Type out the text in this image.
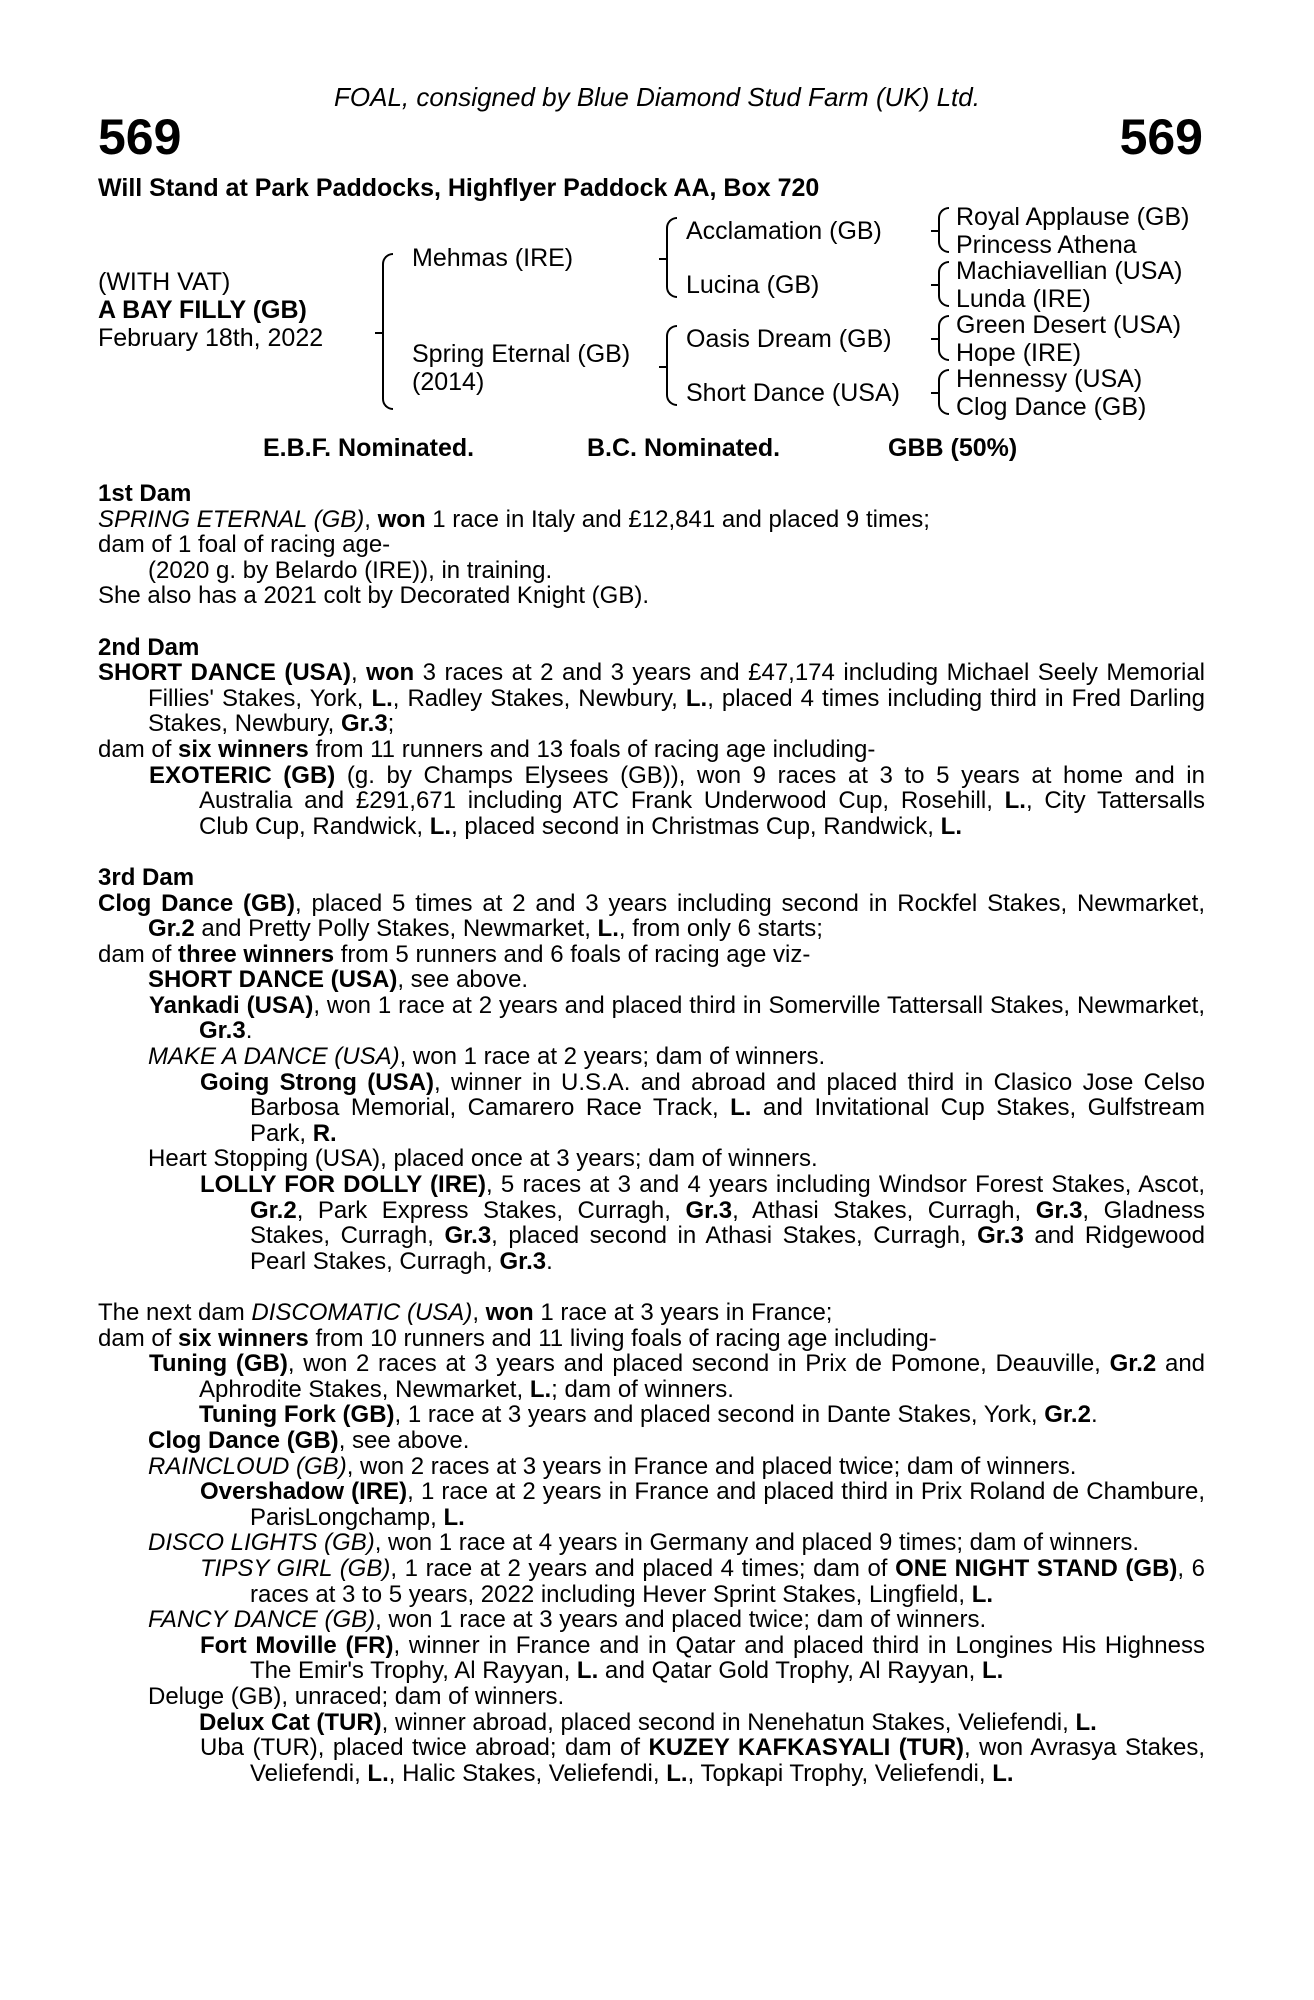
FOAL, consigned by Blue Diamond Stud Farm (UK) Ltd.
569	569
Will Stand at Park Paddocks, Highflyer Paddock AA, Box 720
(WITH VAT)
A BAY FILLY (GB)
February 18th, 2022
Mehmas (IRE)
Spring Eternal (GB)
(2014)
Acclamation (GB)
Lucina (GB)
Oasis Dream (GB)
Short Dance (USA)
Royal Applause (GB)
Princess Athena
Machiavellian (USA)
Lunda (IRE)
Green Desert (USA)
Hope (IRE)
Hennessy (USA)
Clog Dance (GB)
E.B.F. Nominated.	B.C. Nominated.	GBB (50%)
1st Dam
SPRING ETERNAL (GB), won 1 race in Italy and £12,841 and placed 9 times;
dam of 1 foal of racing age-
(2020 g. by Belardo (IRE)), in training.
She also has a 2021 colt by Decorated Knight (GB).
2nd Dam
SHORT DANCE (USA), won 3 races at 2 and 3 years and £47,174 including Michael Seely Memorial Fillies' Stakes, York, L., Radley Stakes, Newbury, L., placed 4 times including third in Fred Darling Stakes, Newbury, Gr.3;
dam of six winners from 11 runners and 13 foals of racing age including-
EXOTERIC (GB) (g. by Champs Elysees (GB)), won 9 races at 3 to 5 years at home and in Australia and £291,671 including ATC Frank Underwood Cup, Rosehill, L., City Tattersalls Club Cup, Randwick, L., placed second in Christmas Cup, Randwick, L.
3rd Dam
Clog Dance (GB), placed 5 times at 2 and 3 years including second in Rockfel Stakes, Newmarket, Gr.2 and Pretty Polly Stakes, Newmarket, L., from only 6 starts;
dam of three winners from 5 runners and 6 foals of racing age viz-
SHORT DANCE (USA), see above.
Yankadi (USA), won 1 race at 2 years and placed third in Somerville Tattersall Stakes, Newmarket, Gr.3.
MAKE A DANCE (USA), won 1 race at 2 years; dam of winners.
Going Strong (USA), winner in U.S.A. and abroad and placed third in Clasico Jose Celso Barbosa Memorial, Camarero Race Track, L. and Invitational Cup Stakes, Gulfstream Park, R.
Heart Stopping (USA), placed once at 3 years; dam of winners.
LOLLY FOR DOLLY (IRE), 5 races at 3 and 4 years including Windsor Forest Stakes, Ascot, Gr.2, Park Express Stakes, Curragh, Gr.3, Athasi Stakes, Curragh, Gr.3, Gladness Stakes, Curragh, Gr.3, placed second in Athasi Stakes, Curragh, Gr.3 and Ridgewood Pearl Stakes, Curragh, Gr.3.
The next dam DISCOMATIC (USA), won 1 race at 3 years in France;
dam of six winners from 10 runners and 11 living foals of racing age including-
Tuning (GB), won 2 races at 3 years and placed second in Prix de Pomone, Deauville, Gr.2 and Aphrodite Stakes, Newmarket, L.; dam of winners.
Tuning Fork (GB), 1 race at 3 years and placed second in Dante Stakes, York, Gr.2.
Clog Dance (GB), see above.
RAINCLOUD (GB), won 2 races at 3 years in France and placed twice; dam of winners.
Overshadow (IRE), 1 race at 2 years in France and placed third in Prix Roland de Chambure, ParisLongchamp, L.
DISCO LIGHTS (GB), won 1 race at 4 years in Germany and placed 9 times; dam of winners.
TIPSY GIRL (GB), 1 race at 2 years and placed 4 times; dam of ONE NIGHT STAND (GB), 6 races at 3 to 5 years, 2022 including Hever Sprint Stakes, Lingfield, L.
FANCY DANCE (GB), won 1 race at 3 years and placed twice; dam of winners.
Fort Moville (FR), winner in France and in Qatar and placed third in Longines His Highness The Emir's Trophy, Al Rayyan, L. and Qatar Gold Trophy, Al Rayyan, L.
Deluge (GB), unraced; dam of winners.
Delux Cat (TUR), winner abroad, placed second in Nenehatun Stakes, Veliefendi, L.
Uba (TUR), placed twice abroad; dam of KUZEY KAFKASYALI (TUR), won Avrasya Stakes, Veliefendi, L., Halic Stakes, Veliefendi, L., Topkapi Trophy, Veliefendi, L.
